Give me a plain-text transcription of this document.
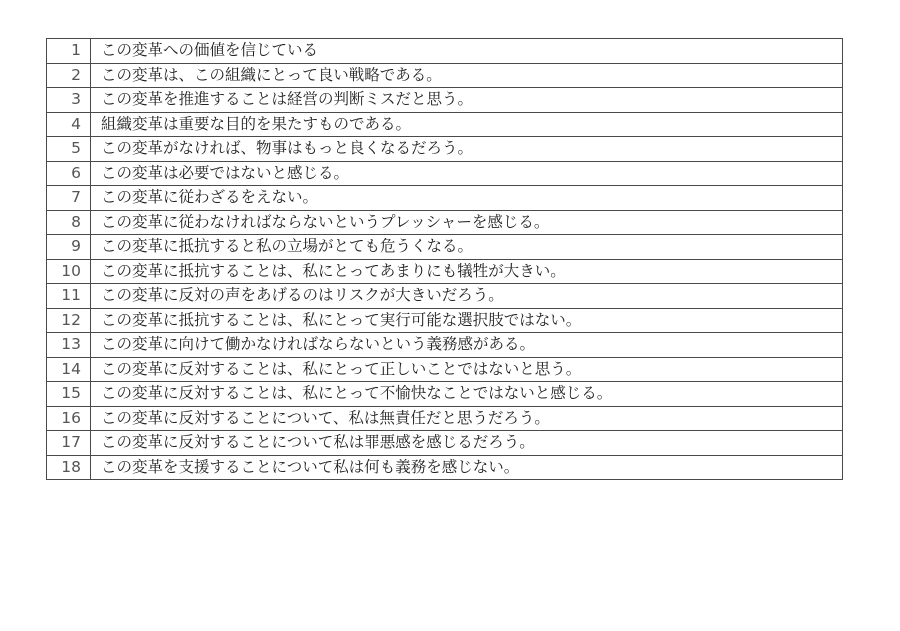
1	この変革への価値を信じている
2	この変革は、この組織にとって良い戦略である。
3	この変革を推進することは経営の判断ミスだと思う。
4	組織変革は重要な目的を果たすものである。
5	この変革がなければ、物事はもっと良くなるだろう。
6	この変革は必要ではないと感じる。
7	この変革に従わざるをえない。
8	この変革に従わなければならないというプレッシャーを感じる。
9	この変革に抵抗すると私の立場がとても危うくなる。
10	この変革に抵抗することは、私にとってあまりにも犠牲が大きい。
11	この変革に反対の声をあげるのはリスクが大きいだろう。
12	この変革に抵抗することは、私にとって実行可能な選択肢ではない。
13	この変革に向けて働かなければならないという義務感がある。
14	この変革に反対することは、私にとって正しいことではないと思う。
15	この変革に反対することは、私にとって不愉快なことではないと感じる。
16	この変革に反対することについて、私は無責任だと思うだろう。
17	この変革に反対することについて私は罪悪感を感じるだろう。
18	この変革を支援することについて私は何も義務を感じない。
